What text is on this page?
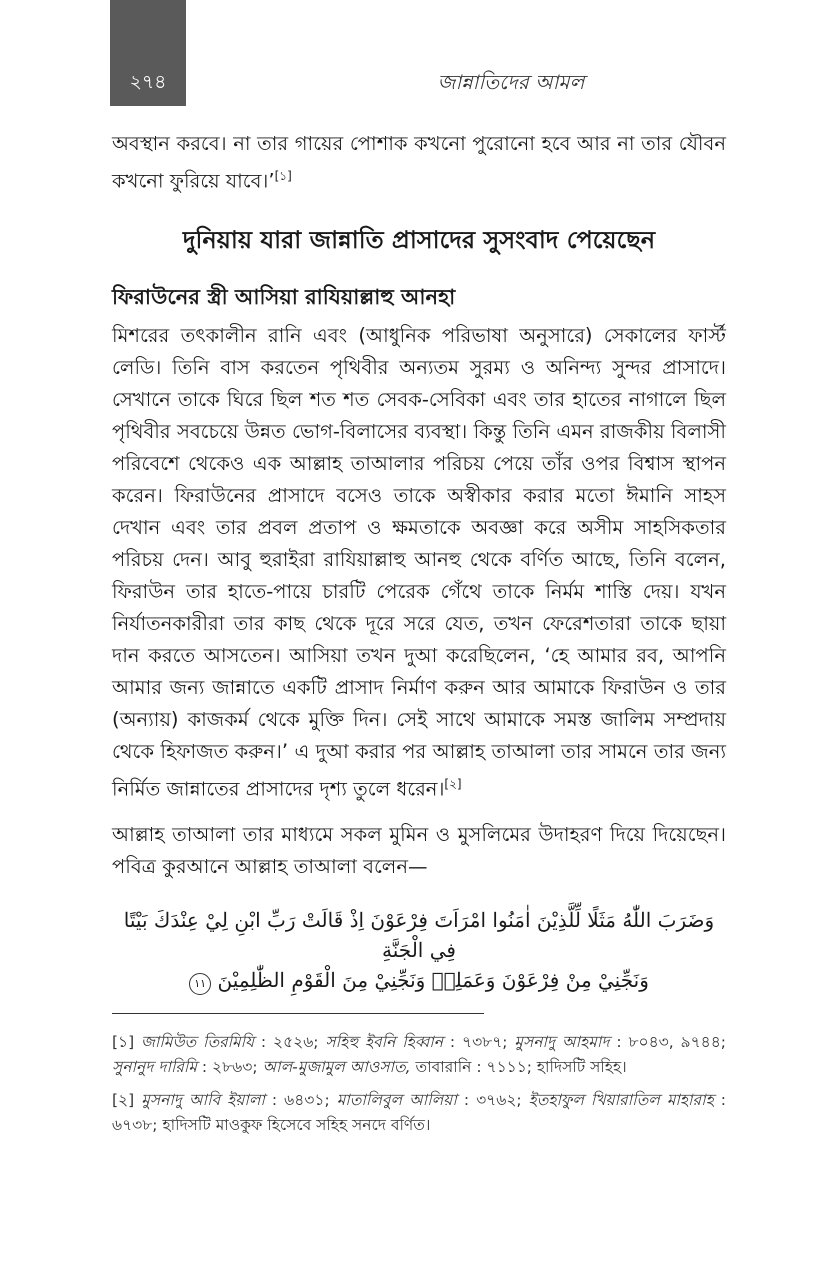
২৭৪	জান্নাতিদের আমল

অবস্থান করবে। না তার গায়ের পোশাক কখনো পুরোনো হবে আর না তার যৌবন কখনো ফুরিয়ে যাবে।’[১]

দুনিয়ায় যারা জান্নাতি প্রাসাদের সুসংবাদ পেয়েছেন
ফিরাউনের স্ত্রী আসিয়া রাযিয়াল্লাহু আনহা

মিশরের তৎকালীন রানি এবং (আধুনিক পরিভাষা অনুসারে) সেকালের ফার্স্ট লেডি। তিনি বাস করতেন পৃথিবীর অন্যতম সুরম্য ও অনিন্দ্য সুন্দর প্রাসাদে। সেখানে তাকে ঘিরে ছিল শত শত সেবক-সেবিকা এবং তার হাতের নাগালে ছিল পৃথিবীর সবচেয়ে উন্নত ভোগ-বিলাসের ব্যবস্থা। কিন্তু তিনি এমন রাজকীয় বিলাসী পরিবেশে থেকেও এক আল্লাহ তাআলার পরিচয় পেয়ে তাঁর ওপর বিশ্বাস স্থাপন করেন। ফিরাউনের প্রাসাদে বসেও তাকে অস্বীকার করার মতো ঈমানি সাহস দেখান এবং তার প্রবল প্রতাপ ও ক্ষমতাকে অবজ্ঞা করে অসীম সাহসিকতার পরিচয় দেন। আবু হুরাইরা রাযিয়াল্লাহু আনহু থেকে বর্ণিত আছে, তিনি বলেন, ফিরাউন তার হাতে-পায়ে চারটি পেরেক গেঁথে তাকে নির্মম শাস্তি দেয়। যখন নির্যাতনকারীরা তার কাছ থেকে দূরে সরে যেত, তখন ফেরেশতারা তাকে ছায়া দান করতে আসতেন। আসিয়া তখন দুআ করেছিলেন, ‘হে আমার রব, আপনি আমার জন্য জান্নাতে একটি প্রাসাদ নির্মাণ করুন আর আমাকে ফিরাউন ও তার (অন্যায়) কাজকর্ম থেকে মুক্তি দিন। সেই সাথে আমাকে সমস্ত জালিম সম্প্রদায় থেকে হিফাজত করুন।’ এ দুআ করার পর আল্লাহ তাআলা তার সামনে তার জন্য নির্মিত জান্নাতের প্রাসাদের দৃশ্য তুলে ধরেন।[২]

আল্লাহ তাআলা তার মাধ্যমে সকল মুমিন ও মুসলিমের উদাহরণ দিয়ে দিয়েছেন। পবিত্র কুরআনে আল্লাহ তাআলা বলেন—

وَضَرَبَ اللّٰهُ مَثَلًا لِّلَّذِيْنَ اٰمَنُوا امْرَاَتَ فِرْعَوْنَ اِذْ قَالَتْ رَبِّ ابْنِ لِيْ عِنْدَكَ بَيْتًا فِي الْجَنَّةِ
وَنَجِّنِيْ مِنْ فِرْعَوْنَ وَعَمَلِهٖ وَنَجِّنِيْ مِنَ الْقَوْمِ الظّٰلِمِيْنَ ١١

[১] জামিউত তিরমিযি : ২৫২৬; সহিহু ইবনি হিব্বান : ৭৩৮৭; মুসনাদু আহমাদ : ৮০৪৩, ৯৭৪৪; সুনানুদ দারিমি : ২৮৬৩; আল-মুজামুল আওসাত, তাবারানি : ৭১১১; হাদিসটি সহিহ।

[২] মুসনাদু আবি ইয়ালা : ৬৪৩১; মাতালিবুল আলিয়া : ৩৭৬২; ইতহাফুল খিয়ারাতিল মাহারাহ : ৬৭৩৮; হাদিসটি মাওকুফ হিসেবে সহিহ সনদে বর্ণিত।
